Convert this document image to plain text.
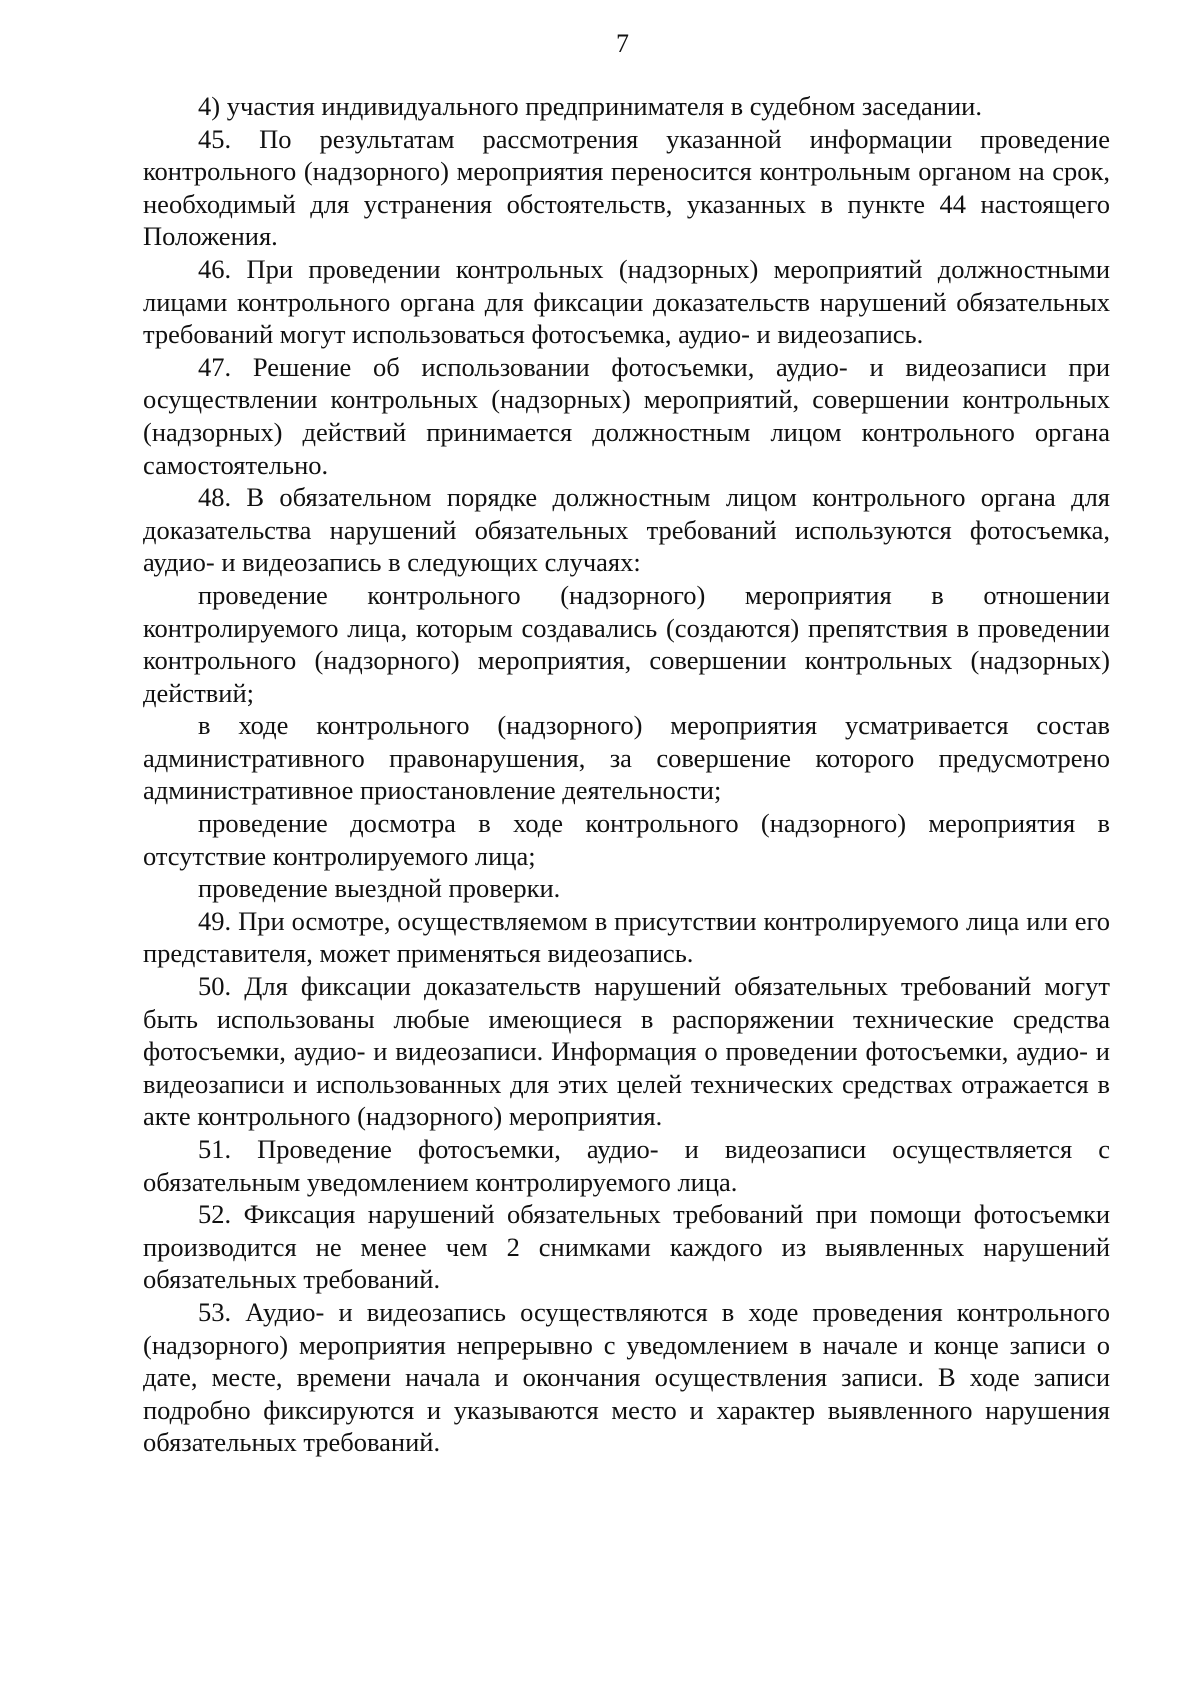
7

4) участия индивидуального предпринимателя в судебном заседании.

45. По результатам рассмотрения указанной информации проведение контрольного (надзорного) мероприятия переносится контрольным органом на срок, необходимый для устранения обстоятельств, указанных в пункте 44 настоящего Положения.

46. При проведении контрольных (надзорных) мероприятий должностными лицами контрольного органа для фиксации доказательств нарушений обязательных требований могут использоваться фотосъемка, аудио- и видеозапись.

47. Решение об использовании фотосъемки, аудио- и видеозаписи при осуществлении контрольных (надзорных) мероприятий, совершении контрольных (надзорных) действий принимается должностным лицом контрольного органа самостоятельно.

48. В обязательном порядке должностным лицом контрольного органа для доказательства нарушений обязательных требований используются фотосъемка, аудио- и видеозапись в следующих случаях:

проведение контрольного (надзорного) мероприятия в отношении контролируемого лица, которым создавались (создаются) препятствия в проведении контрольного (надзорного) мероприятия, совершении контрольных (надзорных) действий;

в ходе контрольного (надзорного) мероприятия усматривается состав административного правонарушения, за совершение которого предусмотрено административное приостановление деятельности;

проведение досмотра в ходе контрольного (надзорного) мероприятия в отсутствие контролируемого лица;

проведение выездной проверки.

49. При осмотре, осуществляемом в присутствии контролируемого лица или его представителя, может применяться видеозапись.

50. Для фиксации доказательств нарушений обязательных требований могут быть использованы любые имеющиеся в распоряжении технические средства фотосъемки, аудио- и видеозаписи. Информация о проведении фотосъемки, аудио- и видеозаписи и использованных для этих целей технических средствах отражается в акте контрольного (надзорного) мероприятия.

51. Проведение фотосъемки, аудио- и видеозаписи осуществляется с обязательным уведомлением контролируемого лица.

52. Фиксация нарушений обязательных требований при помощи фотосъемки производится не менее чем 2 снимками каждого из выявленных нарушений обязательных требований.

53. Аудио- и видеозапись осуществляются в ходе проведения контрольного (надзорного) мероприятия непрерывно с уведомлением в начале и конце записи о дате, месте, времени начала и окончания осуществления записи. В ходе записи подробно фиксируются и указываются место и характер выявленного нарушения обязательных требований.
